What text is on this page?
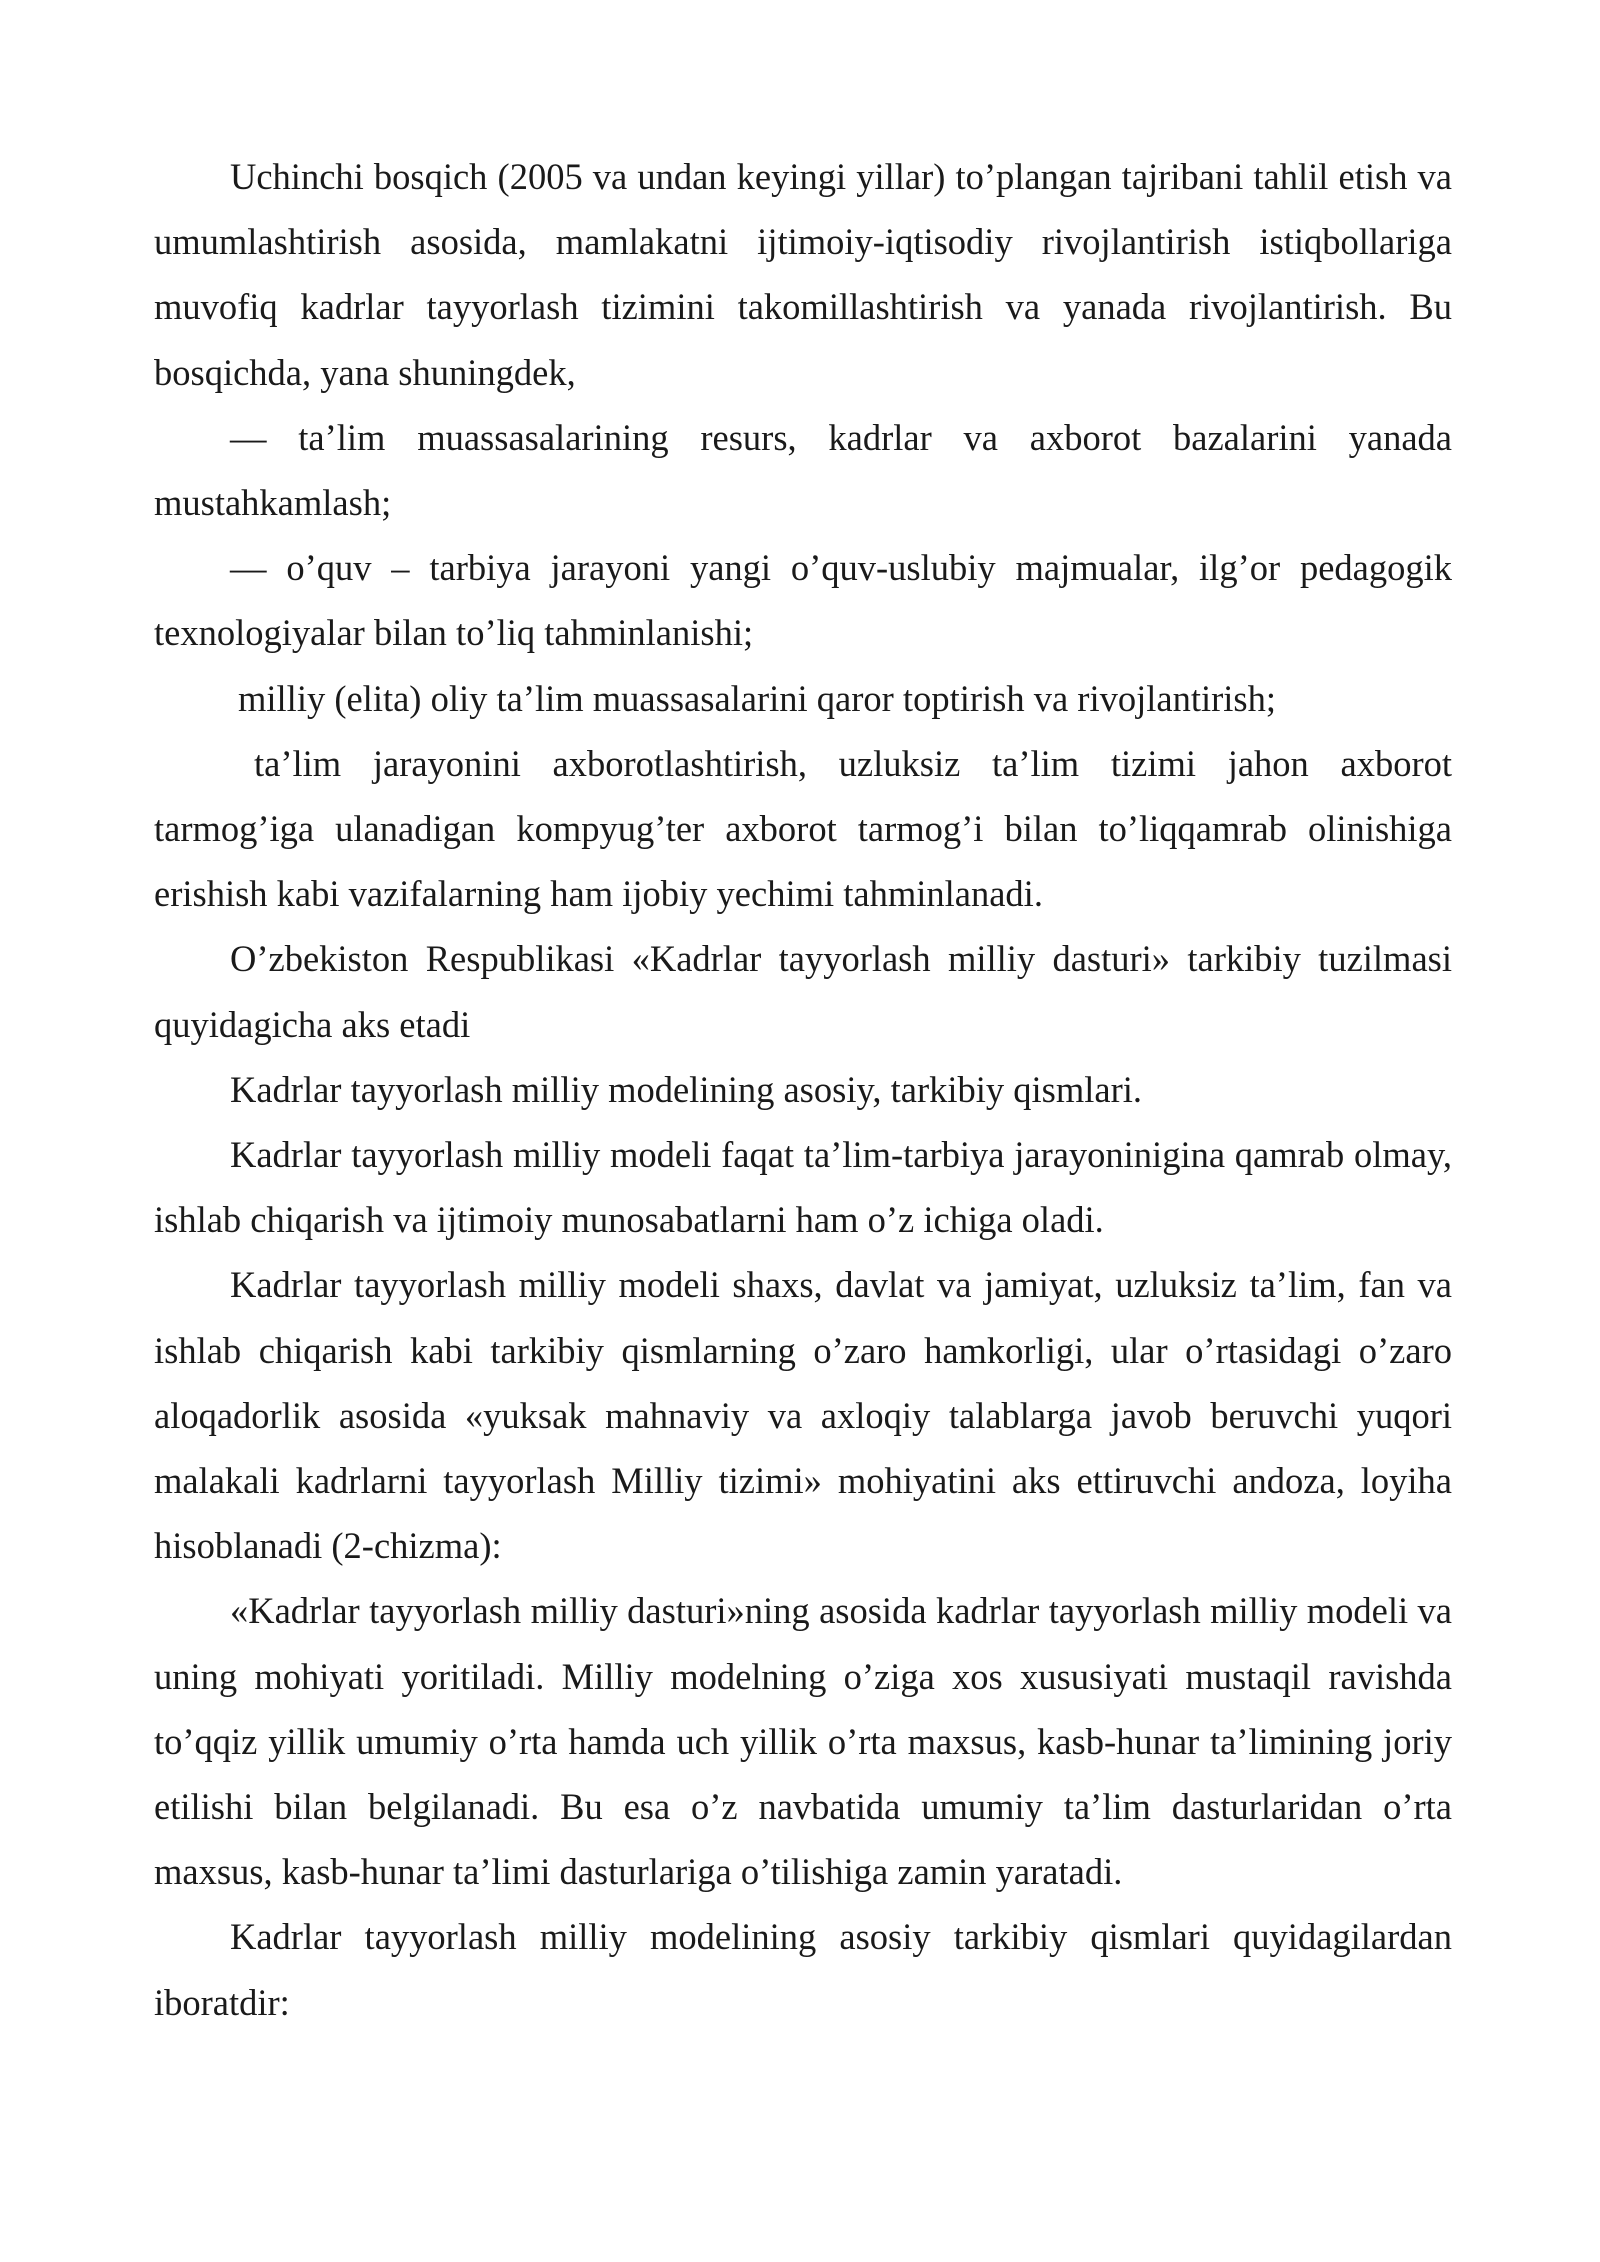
Uchinchi bosqich (2005 va undan keyingi yillar) to’plangan tajribani tahlil etish va umumlashtirish asosida, mamlakatni ijtimoiy-iqtisodiy rivojlantirish istiqbollariga muvofiq kadrlar tayyorlash tizimini takomillashtirish va yanada rivojlantirish. Bu bosqichda, yana shuningdek,

— ta’lim muassasalarining resurs, kadrlar va axborot bazalarini yanada mustahkamlash;

— o’quv – tarbiya jarayoni yangi o’quv-uslubiy majmualar, ilg’or pedagogik texnologiyalar bilan to’liq tahminlanishi;

milliy (elita) oliy ta’lim muassasalarini qaror toptirish va rivojlantirish;

ta’lim jarayonini axborotlashtirish, uzluksiz ta’lim tizimi jahon axborot tarmog’iga ulanadigan kompyug’ter axborot tarmog’i bilan to’liqqamrab olinishiga erishish kabi vazifalarning ham ijobiy yechimi tahminlanadi.

O’zbekiston Respublikasi «Kadrlar tayyorlash milliy dasturi» tarkibiy tuzilmasi quyidagicha aks etadi

Kadrlar tayyorlash milliy modelining asosiy, tarkibiy qismlari.

Kadrlar tayyorlash milliy modeli faqat ta’lim-tarbiya jarayoninigina qamrab olmay, ishlab chiqarish va ijtimoiy munosabatlarni ham o’z ichiga oladi.

Kadrlar tayyorlash milliy modeli shaxs, davlat va jamiyat, uzluksiz ta’lim, fan va ishlab chiqarish kabi tarkibiy qismlarning o’zaro hamkorligi, ular o’rtasidagi o’zaro aloqadorlik asosida «yuksak mahnaviy va axloqiy talablarga javob beruvchi yuqori malakali kadrlarni tayyorlash Milliy tizimi» mohiyatini aks ettiruvchi andoza, loyiha hisoblanadi (2-chizma):

«Kadrlar tayyorlash milliy dasturi»ning asosida kadrlar tayyorlash milliy modeli va uning mohiyati yoritiladi. Milliy modelning o’ziga xos xususiyati mustaqil ravishda to’qqiz yillik umumiy o’rta hamda uch yillik o’rta maxsus, kasb-hunar ta’limining joriy etilishi bilan belgilanadi. Bu esa o’z navbatida umumiy ta’lim dasturlaridan o’rta maxsus, kasb-hunar ta’limi dasturlariga o’tilishiga zamin yaratadi.

Kadrlar tayyorlash milliy modelining asosiy tarkibiy qismlari quyidagilardan iboratdir:
